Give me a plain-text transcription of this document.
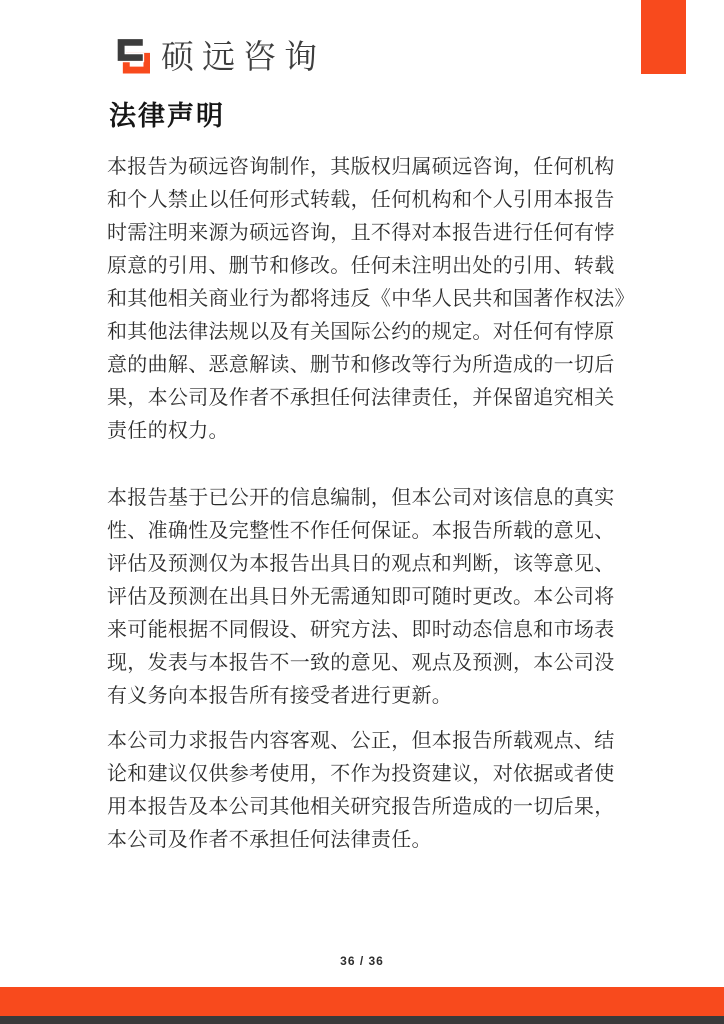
硕远咨询
法律声明

本报告为硕远咨询制作，其版权归属硕远咨询，任何机构和个人禁止以任何形式转载，任何机构和个人引用本报告时需注明来源为硕远咨询，且不得对本报告进行任何有悖原意的引用、删节和修改。任何未注明出处的引用、转载和其他相关商业行为都将违反《中华人民共和国著作权法》和其他法律法规以及有关国际公约的规定。对任何有悖原意的曲解、恶意解读、删节和修改等行为所造成的一切后果，本公司及作者不承担任何法律责任，并保留追究相关责任的权力。

本报告基于已公开的信息编制，但本公司对该信息的真实性、准确性及完整性不作任何保证。本报告所载的意见、评估及预测仅为本报告出具日的观点和判断，该等意见、评估及预测在出具日外无需通知即可随时更改。本公司将来可能根据不同假设、研究方法、即时动态信息和市场表现，发表与本报告不一致的意见、观点及预测，本公司没有义务向本报告所有接受者进行更新。

本公司力求报告内容客观、公正，但本报告所载观点、结论和建议仅供参考使用，不作为投资建议，对依据或者使用本报告及本公司其他相关研究报告所造成的一切后果，本公司及作者不承担任何法律责任。

36 / 36
